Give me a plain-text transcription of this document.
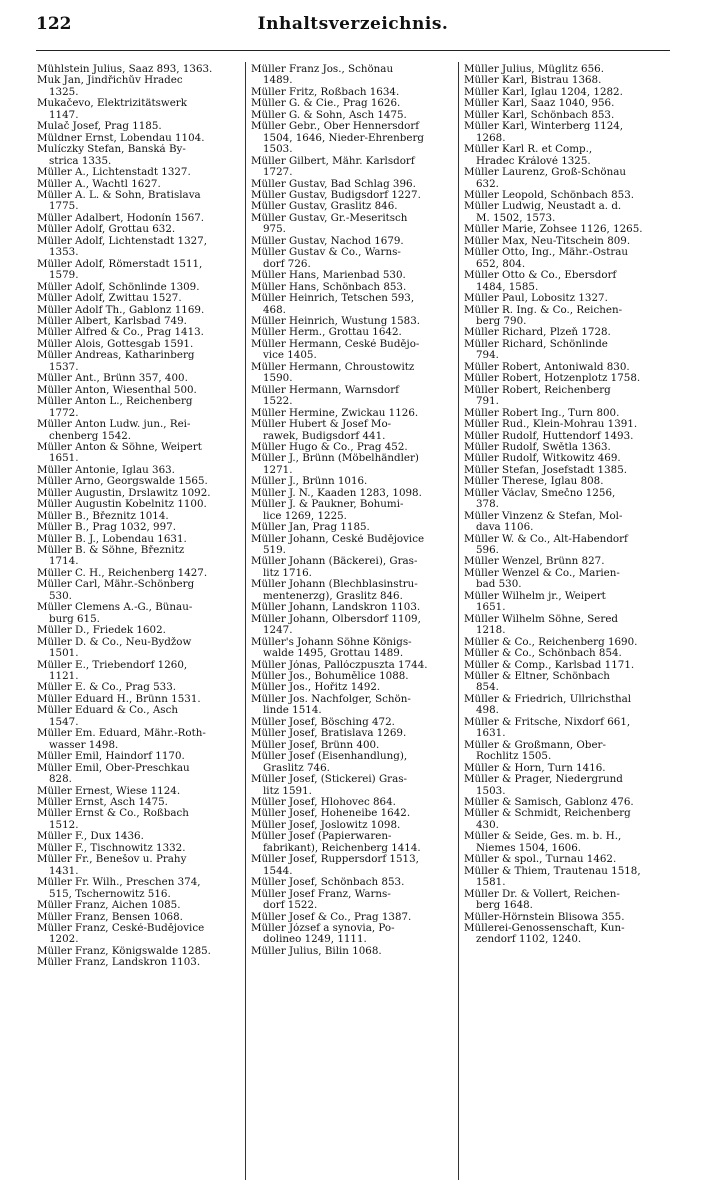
122	Inhaltsverzeichnis.
Mühlstein Julius, Saaz 893, 1363.
Muk Jan, Jindřichův Hradec
1325.
Mukačevo, Elektrizitätswerk
1147.
Mulač Josef, Prag 1185.
Müldner Ernst, Lobendau 1104.
Mulíczky Štefan, Banská By-
strica 1335.
Müller A., Lichtenstadt 1327.
Müller A., Wachtl 1627.
Müller A. L. & Sohn, Bratislava
1775.
Müller Adalbert, Hodonín 1567.
Müller Adolf, Grottau 632.
Müller Adolf, Lichtenstadt 1327,
1353.
Müller Adolf, Römerstadt 1511,
1579.
Müller Adolf, Schönlinde 1309.
Müller Adolf, Zwittau 1527.
Müller Adolf Th., Gablonz 1169.
Müller Albert, Karlsbad 749.
Müller Alfred & Co., Prag 1413.
Müller Alois, Gottesgab 1591.
Müller Andreas, Katharinberg
1537.
Müller Ant., Brünn 357, 400.
Müller Anton, Wiesenthal 500.
Müller Anton L., Reichenberg
1772.
Müller Anton Ludw. jun., Rei-
chenberg 1542.
Müller Anton & Söhne, Weipert
1651.
Müller Antonie, Iglau 363.
Müller Arno, Georgswalde 1565.
Müller Augustin, Drslawitz 1092.
Müller Augustin Kobelnitz 1100.
Müller B., Březnitz 1014.
Müller B., Prag 1032, 997.
Müller B. J., Lobendau 1631.
Müller B. & Söhne, Březnitz
1714.
Müller C. H., Reichenberg 1427.
Müller Carl, Mähr.-Schönberg
530.
Müller Clemens A.-G., Bünau-
burg 615.
Müller D., Friedek 1602.
Müller D. & Co., Neu-Bydžow
1501.
Müller E., Triebendorf 1260,
1121.
Müller E. & Co., Prag 533.
Müller Eduard H., Brünn 1531.
Müller Eduard & Co., Asch
1547.
Müller Em. Eduard, Mähr.-Roth-
wasser 1498.
Müller Emil, Haindorf 1170.
Müller Emil, Ober-Preschkau
828.
Müller Ernest, Wiese 1124.
Müller Ernst, Asch 1475.
Müller Ernst & Co., Roßbach
1512.
Müller F., Dux 1436.
Müller F., Tischnowitz 1332.
Müller Fr., Benešov u. Prahy
1431.
Müller Fr. Wilh., Preschen 374,
515, Tschernowitz 516.
Müller Franz, Aichen 1085.
Müller Franz, Bensen 1068.
Müller Franz, České-Budějovice
1202.
Müller Franz, Königswalde 1285.
Müller Franz, Landskron 1103.
Müller Franz Jos., Schönau
1489.
Müller Fritz, Roßbach 1634.
Müller G. & Cie., Prag 1626.
Müller G. & Sohn, Asch 1475.
Müller Gebr., Ober Hennersdorf
1504, 1646, Nieder-Ehrenberg
1503.
Müller Gilbert, Mähr. Karlsdorf
1727.
Müller Gustav, Bad Schlag 396.
Müller Gustav, Budigsdorf 1227.
Müller Gustav, Graslitz 846.
Müller Gustav, Gr.-Meseritsch
975.
Müller Gustav, Nachod 1679.
Müller Gustav & Co., Warns-
dorf 726.
Müller Hans, Marienbad 530.
Müller Hans, Schönbach 853.
Müller Heinrich, Tetschen 593,
468.
Müller Heinrich, Wustung 1583.
Müller Herm., Grottau 1642.
Müller Hermann, České Budějo-
vice 1405.
Müller Hermann, Chroustowitz
1590.
Müller Hermann, Warnsdorf
1522.
Müller Hermine, Zwickau 1126.
Müller Hubert & Josef Mo-
rawek, Budigsdorf 441.
Müller Hugo & Co., Prag 452.
Müller J., Brünn (Möbelhändler)
1271.
Müller J., Brünn 1016.
Müller J. N., Kaaden 1283, 1098.
Müller J. & Paukner, Bohumi-
lice 1269, 1225.
Müller Jan, Prag 1185.
Müller Johann, České Budějovice
519.
Müller Johann (Bäckerei), Gras-
litz 1716.
Müller Johann (Blechblasinstru-
mentenerzg), Graslitz 846.
Müller Johann, Landskron 1103.
Müller Johann, Olbersdorf 1109,
1247.
Müller's Johann Söhne Königs-
walde 1495, Grottau 1489.
Müller Jónas, Pallóczpuszta 1744.
Müller Jos., Bohumělice 1088.
Müller Jos., Hořitz 1492.
Müller Jos. Nachfolger, Schön-
linde 1514.
Müller Josef, Bösching 472.
Müller Josef, Bratislava 1269.
Müller Josef, Brünn 400.
Müller Josef (Eisenhandlung),
Graslitz 746.
Müller Josef, (Stickerei) Gras-
litz 1591.
Müller Josef, Hlohovec 864.
Müller Josef, Hoheneibe 1642.
Müller Josef, Joslowitz 1098.
Müller Josef (Papierwaren-
fabrikant), Reichenberg 1414.
Müller Josef, Ruppersdorf 1513,
1544.
Müller Josef, Schönbach 853.
Müller Josef Franz, Warns-
dorf 1522.
Müller Josef & Co., Prag 1387.
Müller József a synovia, Po-
dolineo 1249, 1111.
Müller Julius, Bilin 1068.
Müller Julius, Müglitz 656.
Müller Karl, Bistrau 1368.
Müller Karl, Iglau 1204, 1282.
Müller Karl, Saaz 1040, 956.
Müller Karl, Schönbach 853.
Müller Karl, Winterberg 1124,
1268.
Müller Karl R. et Comp.,
Hradec Králové 1325.
Müller Laurenz, Groß-Schönau
632.
Müller Leopold, Schönbach 853.
Müller Ludwig, Neustadt a. d.
M. 1502, 1573.
Müller Marie, Zohsee 1126, 1265.
Müller Max, Neu-Titschein 809.
Müller Otto, Ing., Mähr.-Ostrau
652, 804.
Müller Otto & Co., Ebersdorf
1484, 1585.
Müller Paul, Lobositz 1327.
Müller R. Ing. & Co., Reichen-
berg 790.
Müller Richard, Plzeň 1728.
Müller Richard, Schönlinde
794.
Müller Robert, Antoniwald 830.
Müller Robert, Hotzenplotz 1758.
Müller Robert, Reichenberg
791.
Müller Robert Ing., Turn 800.
Müller Rud., Klein-Mohrau 1391.
Müller Rudolf, Huttendorf 1493.
Müller Rudolf, Swětla 1363.
Müller Rudolf, Witkowitz 469.
Müller Stefan, Josefstadt 1385.
Müller Therese, Iglau 808.
Müller Václav, Smečno 1256,
378.
Müller Vinzenz & Stefan, Mol-
dava 1106.
Müller W. & Co., Alt-Habendorf
596.
Müller Wenzel, Brünn 827.
Müller Wenzel & Co., Marien-
bad 530.
Müller Wilhelm jr., Weipert
1651.
Müller Wilhelm Söhne, Sered
1218.
Müller & Co., Reichenberg 1690.
Müller & Co., Schönbach 854.
Müller & Comp., Karlsbad 1171.
Müller & Eltner, Schönbach
854.
Müller & Friedrich, Ullrichsthal
498.
Müller & Fritsche, Nixdorf 661,
1631.
Müller & Großmann, Ober-
Rochlitz 1505.
Müller & Horn, Turn 1416.
Müller & Prager, Niedergrund
1503.
Müller & Samisch, Gablonz 476.
Müller & Schmidt, Reichenberg
430.
Müller & Seide, Ges. m. b. H.,
Niemes 1504, 1606.
Müller & spol., Turnau 1462.
Müller & Thiem, Trautenau 1518,
1581.
Müller Dr. & Vollert, Reichen-
berg 1648.
Müller-Hörnstein Blisowa 355.
Müllerei-Genossenschaft, Kun-
zendorf 1102, 1240.
